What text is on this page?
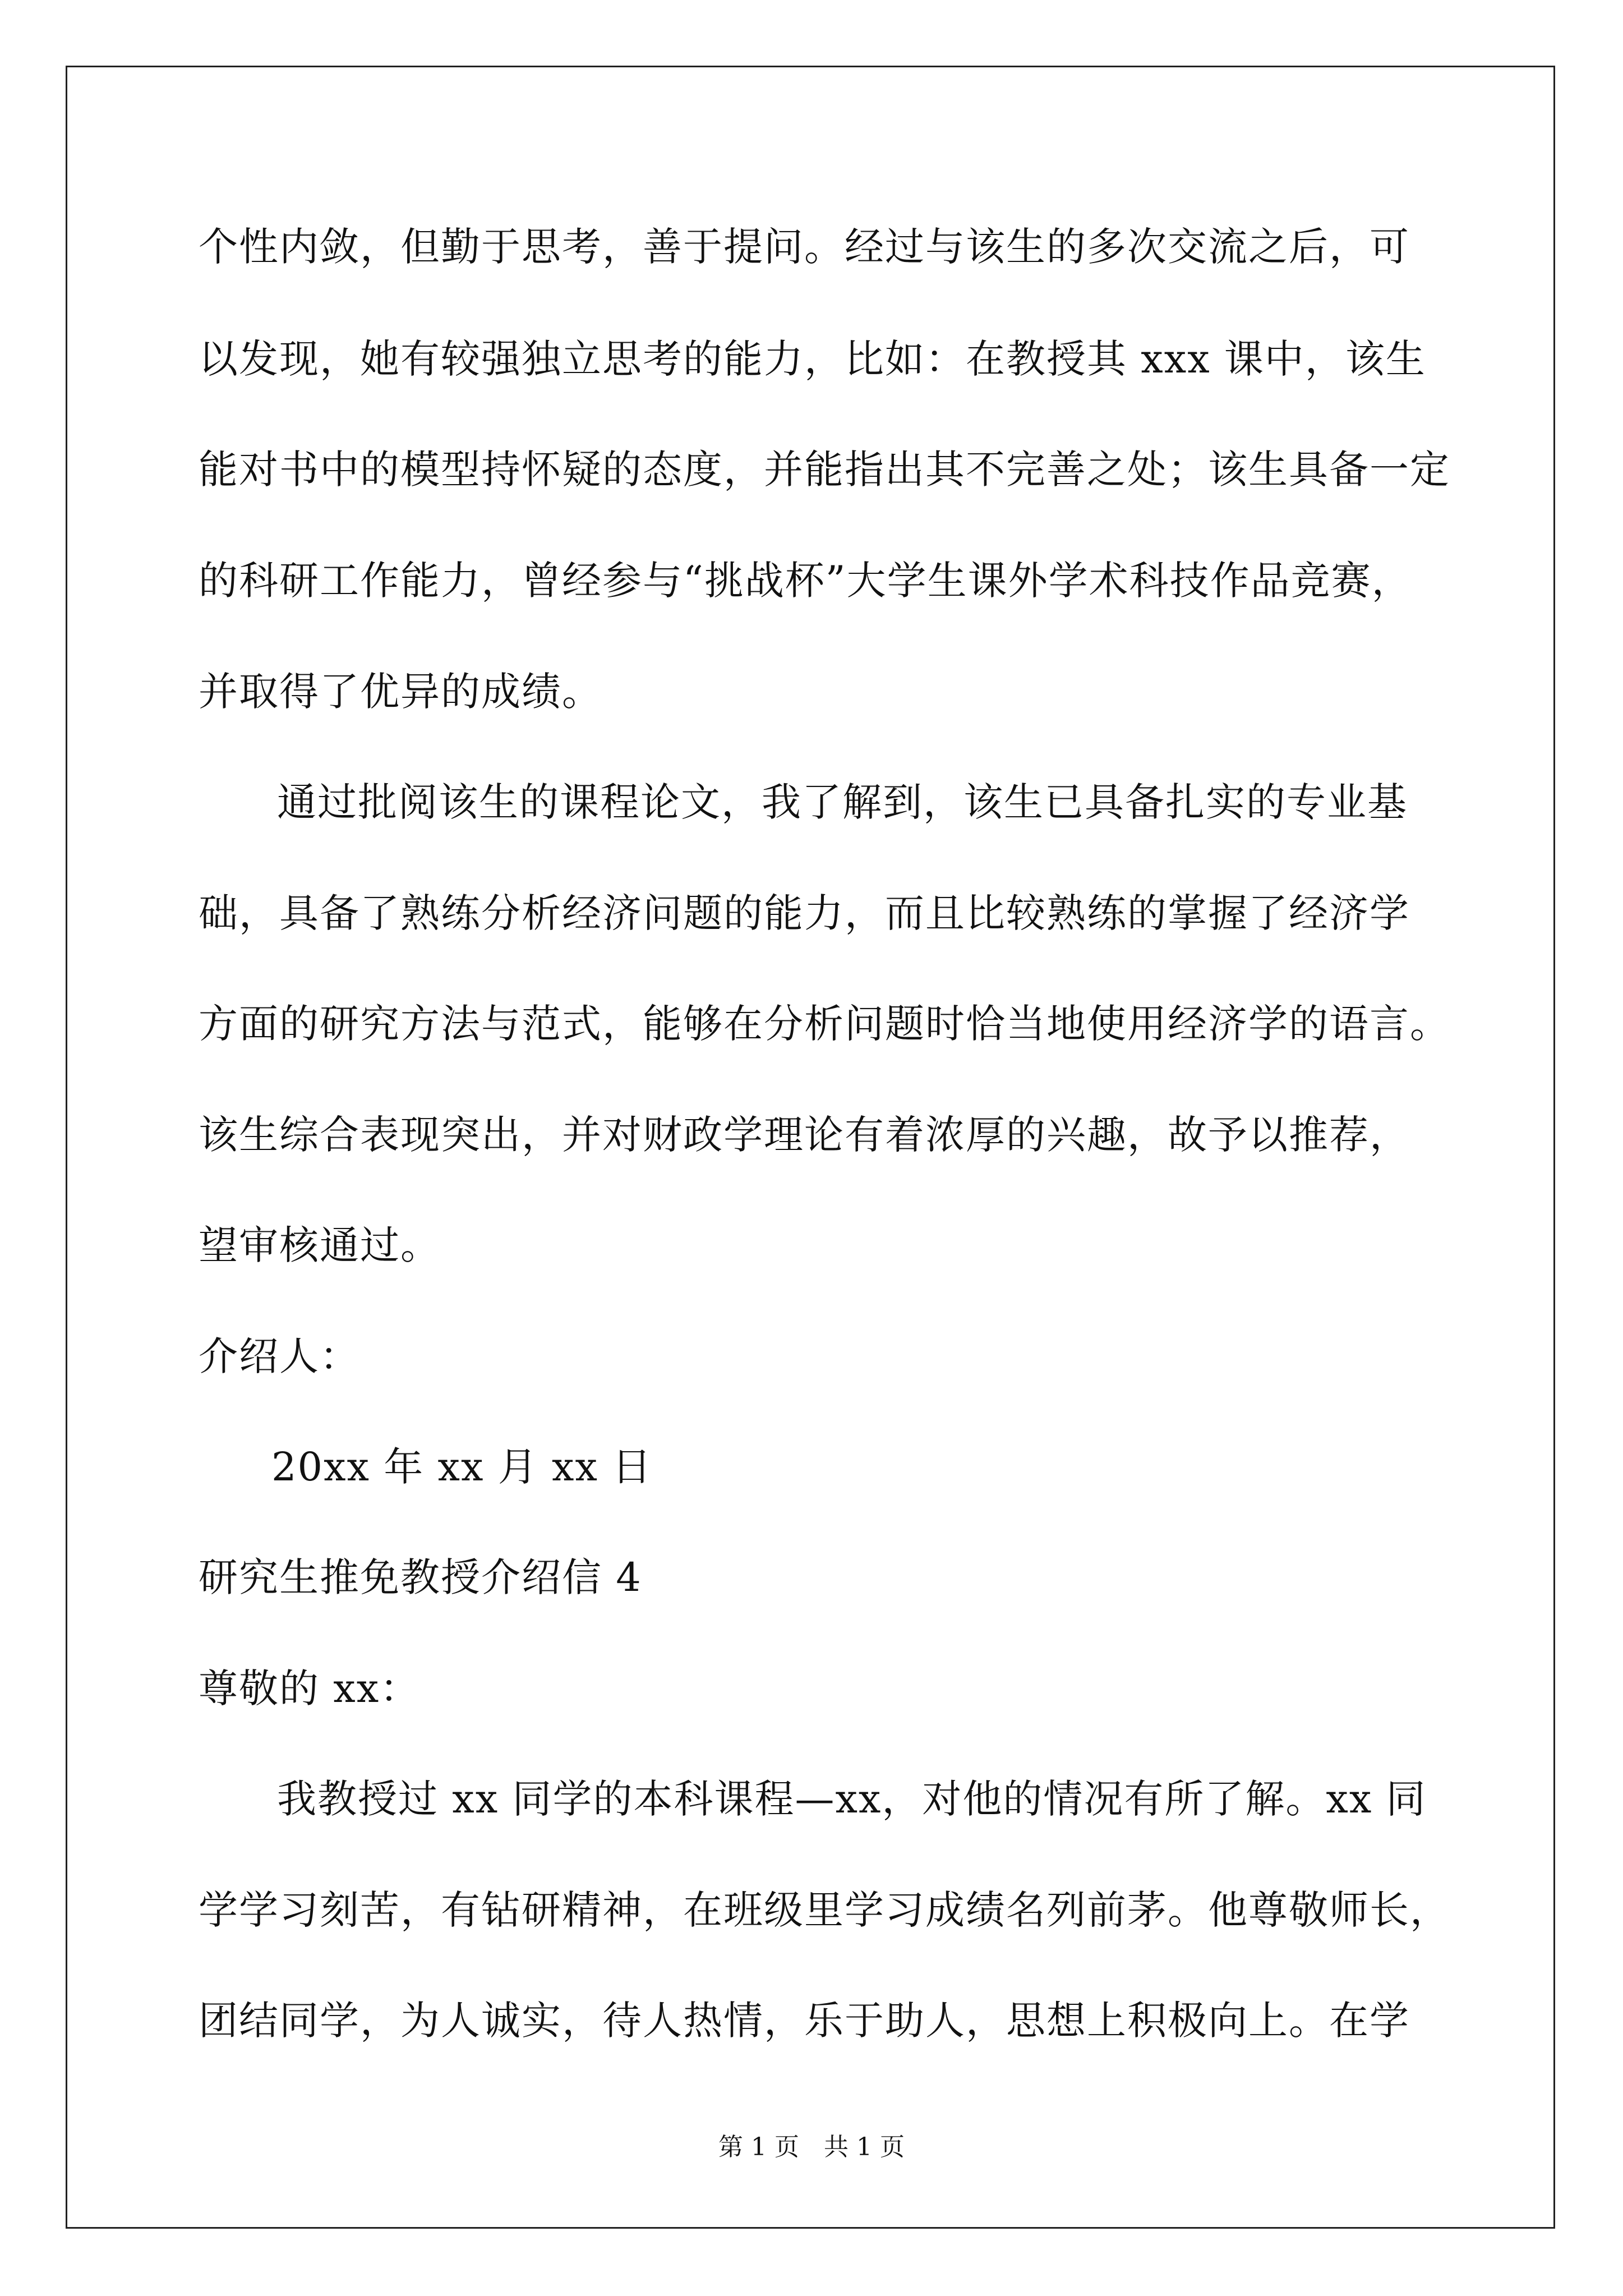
个性内敛，但勤于思考，善于提问。经过与该生的多次交流之后，可
以发现，她有较强独立思考的能力，比如：在教授其 xxx 课中，该生
能对书中的模型持怀疑的态度，并能指出其不完善之处；该生具备一定
的科研工作能力，曾经参与“挑战杯”大学生课外学术科技作品竞赛，
并取得了优异的成绩。
通过批阅该生的课程论文，我了解到，该生已具备扎实的专业基
础，具备了熟练分析经济问题的能力，而且比较熟练的掌握了经济学
方面的研究方法与范式，能够在分析问题时恰当地使用经济学的语言。
该生综合表现突出，并对财政学理论有着浓厚的兴趣，故予以推荐，
望审核通过。
介绍人：
20xx 年 xx 月 xx 日
研究生推免教授介绍信 4
尊敬的 xx：
我教授过 xx 同学的本科课程—xx，对他的情况有所了解。xx 同
学学习刻苦，有钻研精神，在班级里学习成绩名列前茅。他尊敬师长，
团结同学，为人诚实，待人热情，乐于助人，思想上积极向上。在学
第 1 页　共 1 页
